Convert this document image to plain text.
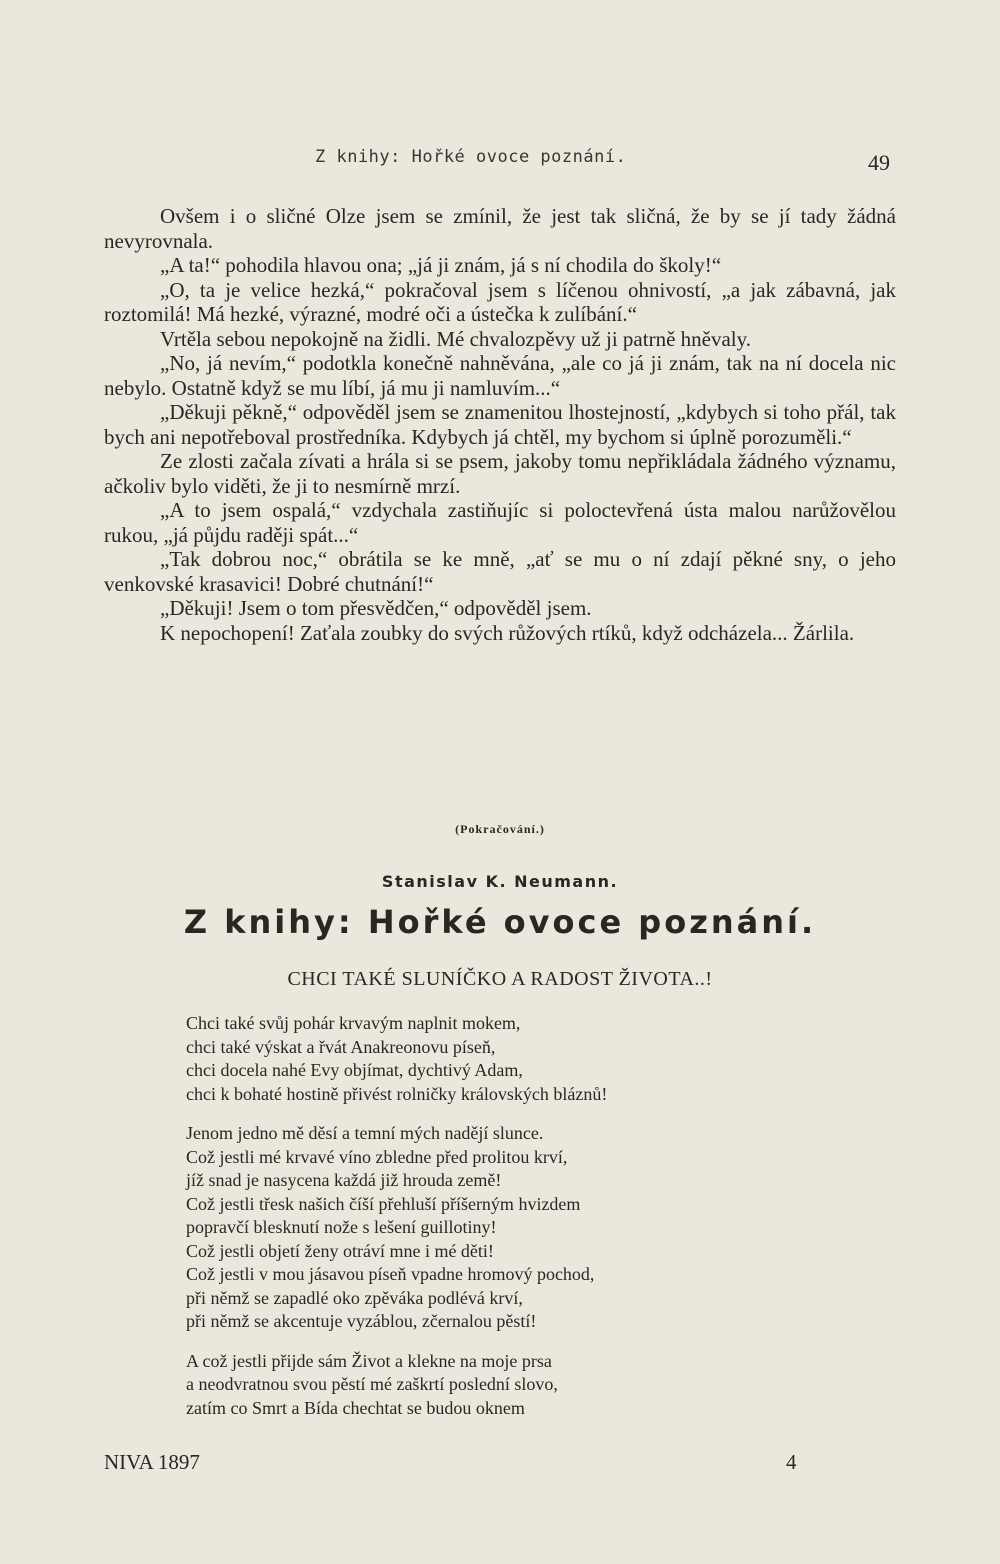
Z knihy: Hořké ovoce poznání.	49

Ovšem i o sličné Olze jsem se zmínil, že jest tak sličná, že by se jí tady žádná nevyrovnala.

„A ta!“ pohodila hlavou ona; „já ji znám, já s ní chodila do školy!“

„O, ta je velice hezká,“ pokračoval jsem s líčenou ohnivostí, „a jak zábavná, jak roztomilá! Má hezké, výrazné, modré oči a ústečka k zulíbání.“

Vrtěla sebou nepokojně na židli. Mé chvalozpěvy už ji patrně hněvaly.

„No, já nevím,“ podotkla konečně nahněvána, „ale co já ji znám, tak na ní docela nic nebylo. Ostatně když se mu líbí, já mu ji namluvím...“

„Děkuji pěkně,“ odpověděl jsem se znamenitou lhostejností, „kdybych si toho přál, tak bych ani nepotřeboval prostředníka. Kdybych já chtěl, my bychom si úplně porozuměli.“

Ze zlosti začala zívati a hrála si se psem, jakoby tomu nepřikládala žádného významu, ačkoliv bylo viděti, že ji to nesmírně mrzí.

„A to jsem ospalá,“ vzdychala zastiňujíc si poloctevřená ústa malou narůžovělou rukou, „já půjdu raději spát...“

„Tak dobrou noc,“ obrátila se ke mně, „ať se mu o ní zdají pěkné sny, o jeho venkovské krasavici! Dobré chutnání!“

„Děkuji! Jsem o tom přesvědčen,“ odpověděl jsem.

K nepochopení! Zaťala zoubky do svých růžových rtíků, když odcházela... Žárlila.

(Pokračování.)
Stanislav K. Neumann.
Z knihy: Hořké ovoce poznání.
CHCI TAKÉ SLUNÍČKO A RADOST ŽIVOTA..!
Chci také svůj pohár krvavým naplnit mokem,
chci také výskat a řvát Anakreonovu píseň,
chci docela nahé Evy objímat, dychtivý Adam,
chci k bohaté hostině přivést rolničky královských bláznů!
Jenom jedno mě děsí a temní mých nadějí slunce.
Což jestli mé krvavé víno zbledne před prolitou krví,
jíž snad je nasycena každá již hrouda země!
Což jestli třesk našich číší přehluší příšerným hvizdem
popravčí blesknutí nože s lešení guillotiny!
Což jestli objetí ženy otráví mne i mé děti!
Což jestli v mou jásavou píseň vpadne hromový pochod,
při němž se zapadlé oko zpěváka podlévá krví,
při němž se akcentuje vyzáblou, zčernalou pěstí!
A což jestli přijde sám Život a klekne na moje prsa
a neodvratnou svou pěstí mé zaškrtí poslední slovo,
zatím co Smrt a Bída chechtat se budou oknem
NIVA 1897	4
